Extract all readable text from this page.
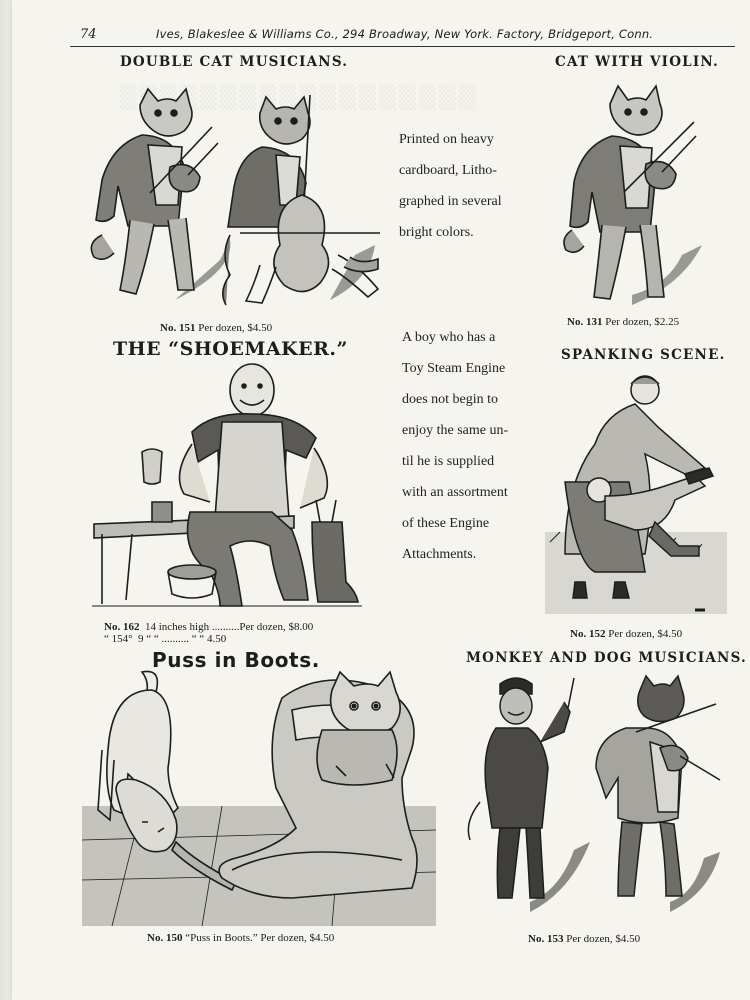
74	Ives, Blakeslee & Williams Co., 294 Broadway, New York. Factory, Bridgeport, Conn.
DOUBLE CAT MUSICIANS.
No. 151 Per dozen, $4.50
CAT WITH VIOLIN.
No. 131 Per dozen, $2.25
Printed on heavy
cardboard, Litho-
graphed in several
bright colors.
THE “SHOEMAKER.”
No. 162 14 inches high ..........Per dozen, $8.00
“ 154° 9 “ “ .......... “ “ 4.50
A boy who has a
Toy Steam Engine
does not begin to
enjoy the same un-
til he is supplied
with an assortment
of these Engine
Attachments.
SPANKING SCENE.
No. 152 Per dozen, $4.50
Puss in Boots.
No. 150 “Puss in Boots.” Per dozen, $4.50
MONKEY AND DOG MUSICIANS.
No. 153 Per dozen, $4.50
